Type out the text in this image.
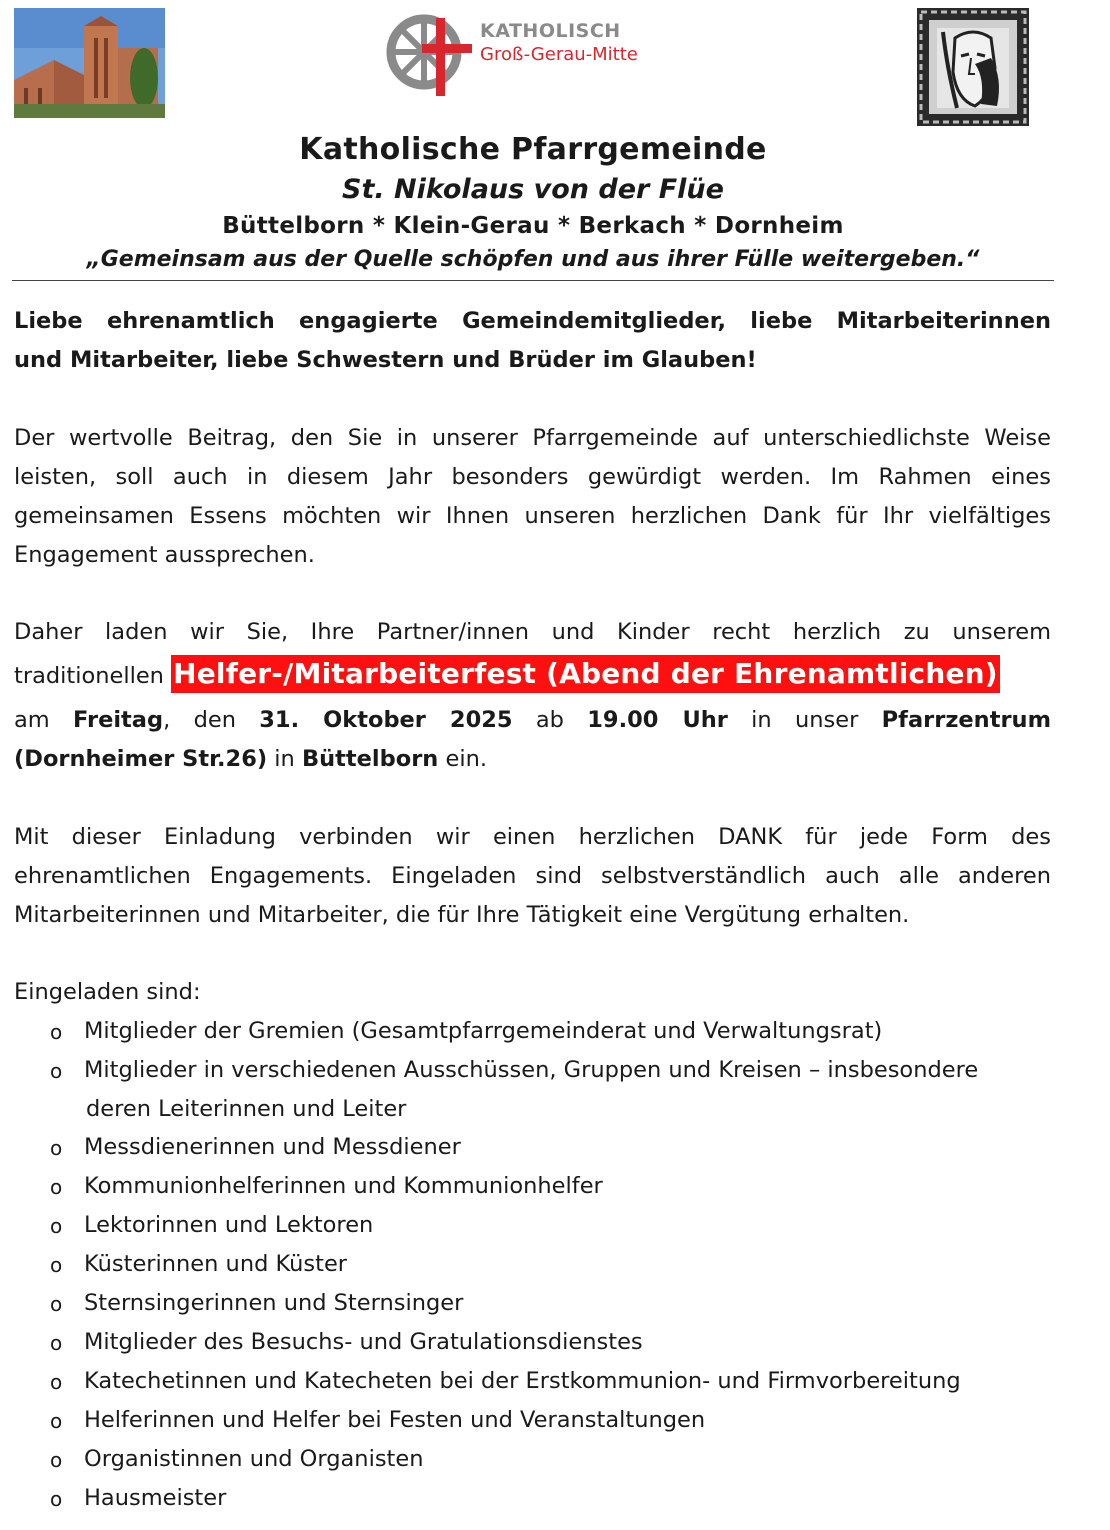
KATHOLISCH
Groß-Gerau-Mitte
Katholische Pfarrgemeinde
St. Nikolaus von der Flüe
Büttelborn * Klein-Gerau * Berkach * Dornheim
„Gemeinsam aus der Quelle schöpfen und aus ihrer Fülle weitergeben.“
Liebe ehrenamtlich engagierte Gemeindemitglieder, liebe Mitarbeiterinnen
und Mitarbeiter, liebe Schwestern und Brüder im Glauben!
Der wertvolle Beitrag, den Sie in unserer Pfarrgemeinde auf unterschiedlichste Weise
leisten, soll auch in diesem Jahr besonders gewürdigt werden. Im Rahmen eines
gemeinsamen Essens möchten wir Ihnen unseren herzlichen Dank für Ihr vielfältiges
Engagement aussprechen.
Daher laden wir Sie, Ihre Partner/innen und Kinder recht herzlich zu unserem
traditionellen Helfer-/Mitarbeiterfest (Abend der Ehrenamtlichen)
am Freitag, den 31. Oktober 2025 ab 19.00 Uhr in unser Pfarrzentrum
(Dornheimer Str.26) in Büttelborn ein.
Mit dieser Einladung verbinden wir einen herzlichen DANK für jede Form des
ehrenamtlichen Engagements. Eingeladen sind selbstverständlich auch alle anderen
Mitarbeiterinnen und Mitarbeiter, die für Ihre Tätigkeit eine Vergütung erhalten.
Eingeladen sind:
o Mitglieder der Gremien (Gesamtpfarrgemeinderat und Verwaltungsrat)
o Mitglieder in verschiedenen Ausschüssen, Gruppen und Kreisen – insbesondere
deren Leiterinnen und Leiter
o Messdienerinnen und Messdiener
o Kommunionhelferinnen und Kommunionhelfer
o Lektorinnen und Lektoren
o Küsterinnen und Küster
o Sternsingerinnen und Sternsinger
o Mitglieder des Besuchs- und Gratulationsdienstes
o Katechetinnen und Katecheten bei der Erstkommunion- und Firmvorbereitung
o Helferinnen und Helfer bei Festen und Veranstaltungen
o Organistinnen und Organisten
o Hausmeister
